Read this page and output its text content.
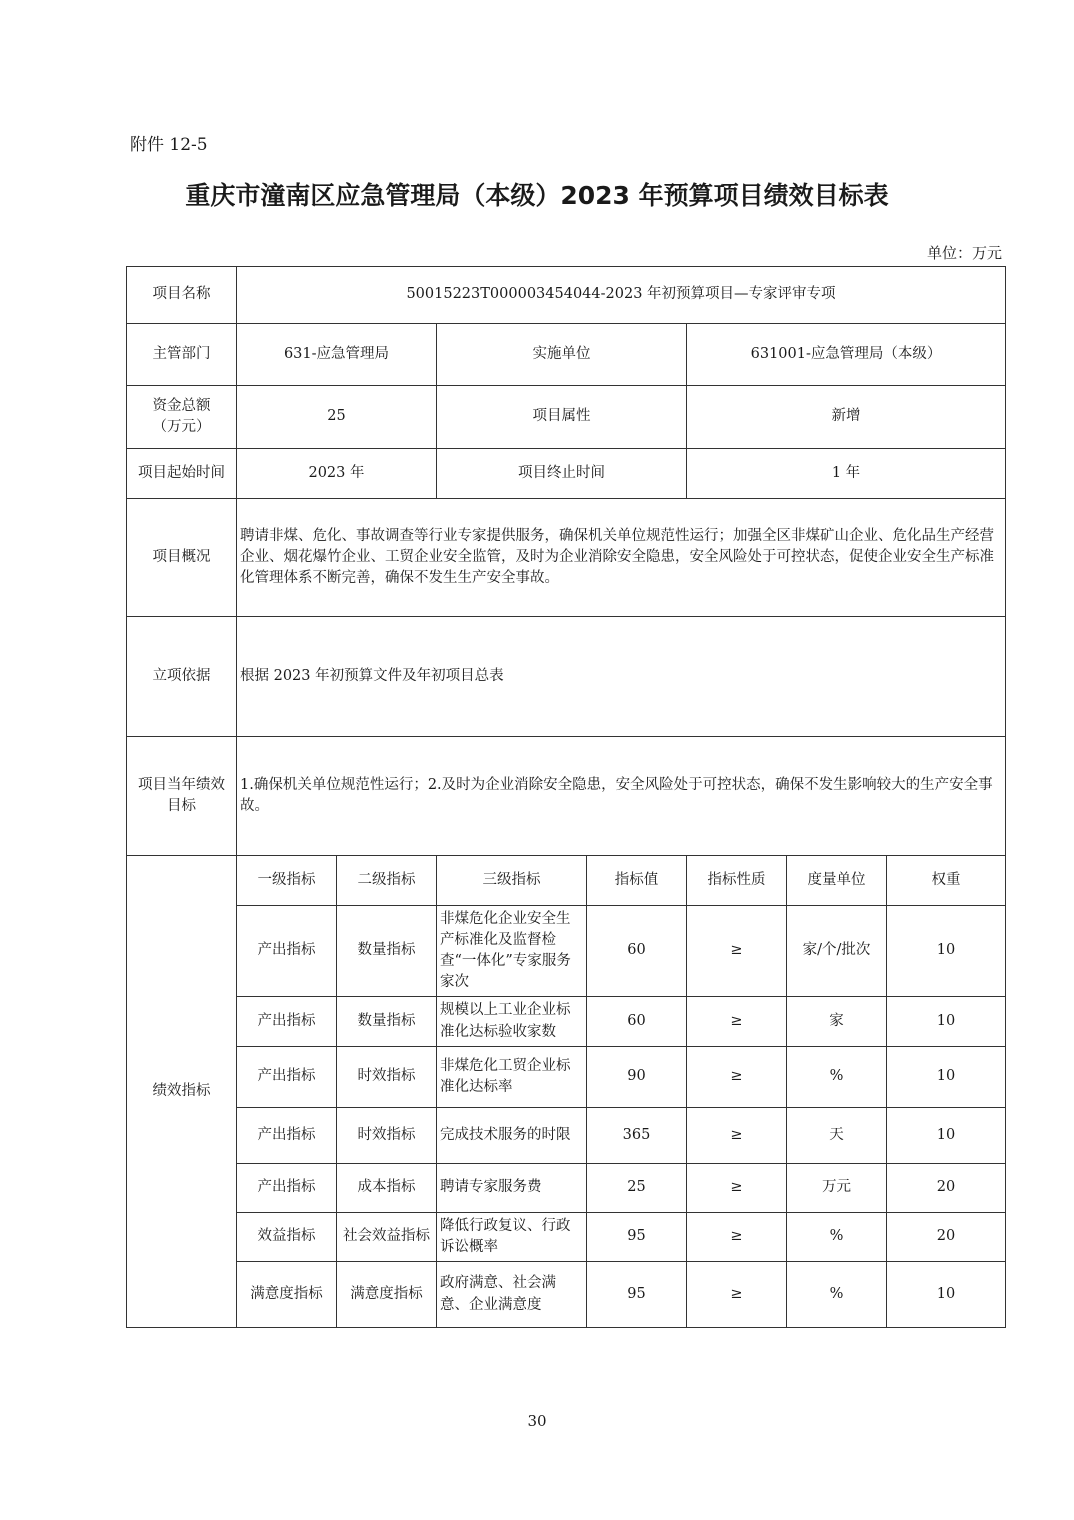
附件 12-5
重庆市潼南区应急管理局（本级）2023 年预算项目绩效目标表
单位：万元
项目名称	50015223T000003454044-2023 年初预算项目—专家评审专项						
主管部门	631-应急管理局		实施单位		631001-应急管理局（本级）		

资金总额
（万元）	25		项目属性		新增		
项目起始时间	2023 年		项目终止时间		1 年		
项目概况	聘请非煤、危化、事故调查等行业专家提供服务，确保机关单位规范性运行；加强全区非煤矿山企业、危化品生产经营企业、烟花爆竹企业、工贸企业安全监管，及时为企业消除安全隐患，安全风险处于可控状态，促使企业安全生产标准化管理体系不断完善，确保不发生生产安全事故。						
立项依据	根据 2023 年初预算文件及年初项目总表						

项目当年绩效
目标	1.确保机关单位规范性运行；2.及时为企业消除安全隐患，安全风险处于可控状态，确保不发生影响较大的生产安全事故。						
绩效指标	一级指标	二级指标	三级指标	指标值	指标性质	度量单位	权重
	产出指标	数量指标	非煤危化企业安全生产标准化及监督检查“一体化”专家服务家次	60	≥	家/个/批次	10
	产出指标	数量指标	规模以上工业企业标准化达标验收家数	60	≥	家	10
	产出指标	时效指标	非煤危化工贸企业标准化达标率	90	≥	%	10
	产出指标	时效指标	完成技术服务的时限	365	≥	天	10
	产出指标	成本指标	聘请专家服务费	25	≥	万元	20
	效益指标	社会效益指标	降低行政复议、行政诉讼概率	95	≥	%	20
	满意度指标	满意度指标	政府满意、社会满意、企业满意度	95	≥	%	10
30
